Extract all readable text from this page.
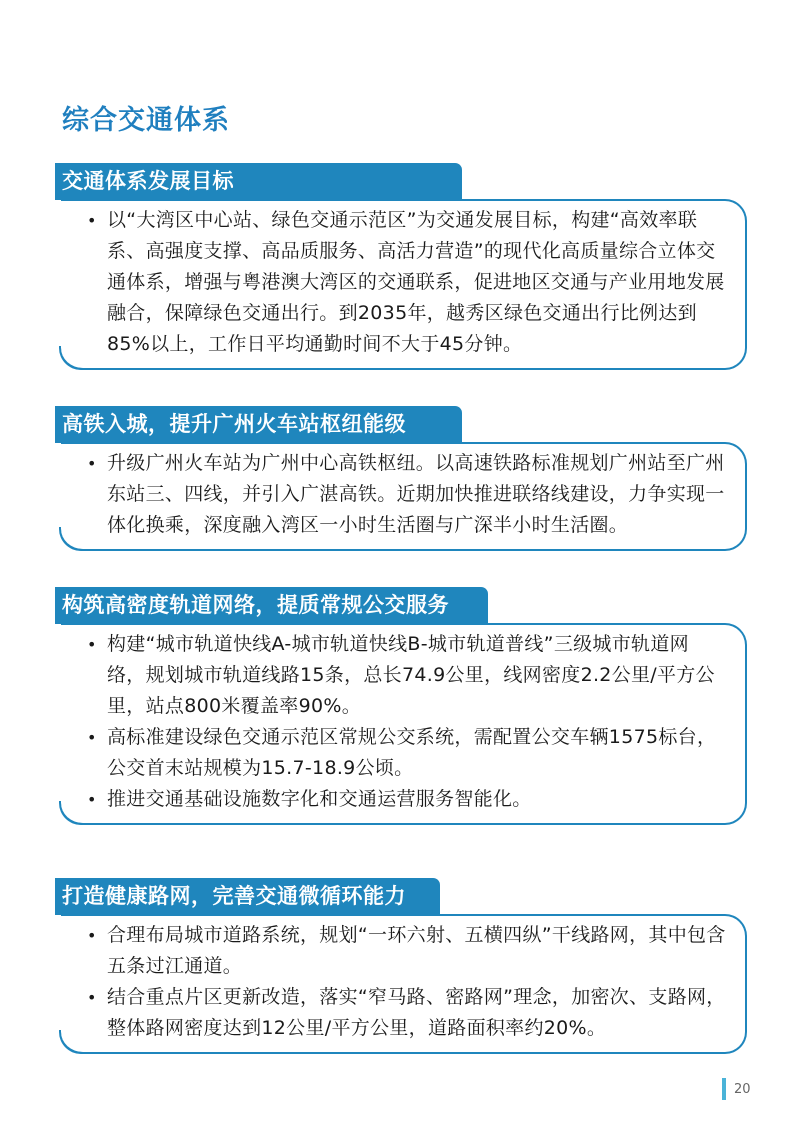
综合交通体系
交通体系发展目标
• 以“大湾区中心站、绿色交通示范区”为交通发展目标，构建“高效率联系、高强度支撑、高品质服务、高活力营造”的现代化高质量综合立体交通体系，增强与粤港澳大湾区的交通联系，促进地区交通与产业用地发展融合，保障绿色交通出行。到2035年，越秀区绿色交通出行比例达到85%以上，工作日平均通勤时间不大于45分钟。
高铁入城，提升广州火车站枢纽能级
• 升级广州火车站为广州中心高铁枢纽。以高速铁路标准规划广州站至广州东站三、四线，并引入广湛高铁。近期加快推进联络线建设，力争实现一体化换乘，深度融入湾区一小时生活圈与广深半小时生活圈。
构筑高密度轨道网络，提质常规公交服务
• 构建“城市轨道快线A-城市轨道快线B-城市轨道普线”三级城市轨道网络，规划城市轨道线路15条，总长74.9公里，线网密度2.2公里/平方公里，站点800米覆盖率90%。
• 高标准建设绿色交通示范区常规公交系统，需配置公交车辆1575标台，公交首末站规模为15.7-18.9公顷。
• 推进交通基础设施数字化和交通运营服务智能化。
打造健康路网，完善交通微循环能力
• 合理布局城市道路系统，规划“一环六射、五横四纵”干线路网，其中包含五条过江通道。
• 结合重点片区更新改造，落实“窄马路、密路网”理念，加密次、支路网，整体路网密度达到12公里/平方公里，道路面积率约20%。
20
